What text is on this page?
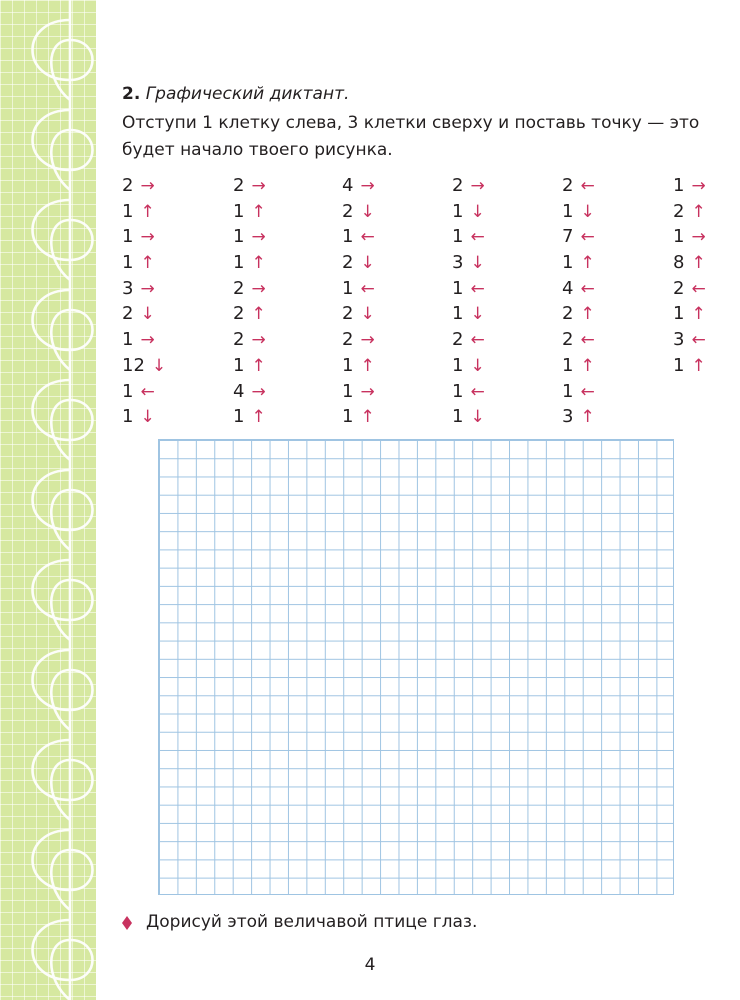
2. Графический диктант.

Отступи 1 клетку слева, 3 клетки сверху и поставь точку — это будет начало твоего рисунка.

2 →
1 ↑
1 →
1 ↑
3 →
2 ↓
1 →
12 ↓
1 ←
1 ↓
2 →
1 ↑
1 →
1 ↑
2 →
2 ↑
2 →
1 ↑
4 →
1 ↑
4 →
2 ↓
1 ←
2 ↓
1 ←
2 ↓
2 →
1 ↑
1 →
1 ↑
2 →
1 ↓
1 ←
3 ↓
1 ←
1 ↓
2 ←
1 ↓
1 ←
1 ↓
2 ←
1 ↓
7 ←
1 ↑
4 ←
2 ↑
2 ←
1 ↑
1 ←
3 ↑
1 →
2 ↑
1 →
8 ↑
2 ←
1 ↑
3 ←
1 ↑
Дорисуй этой величавой птице глаз.
4
